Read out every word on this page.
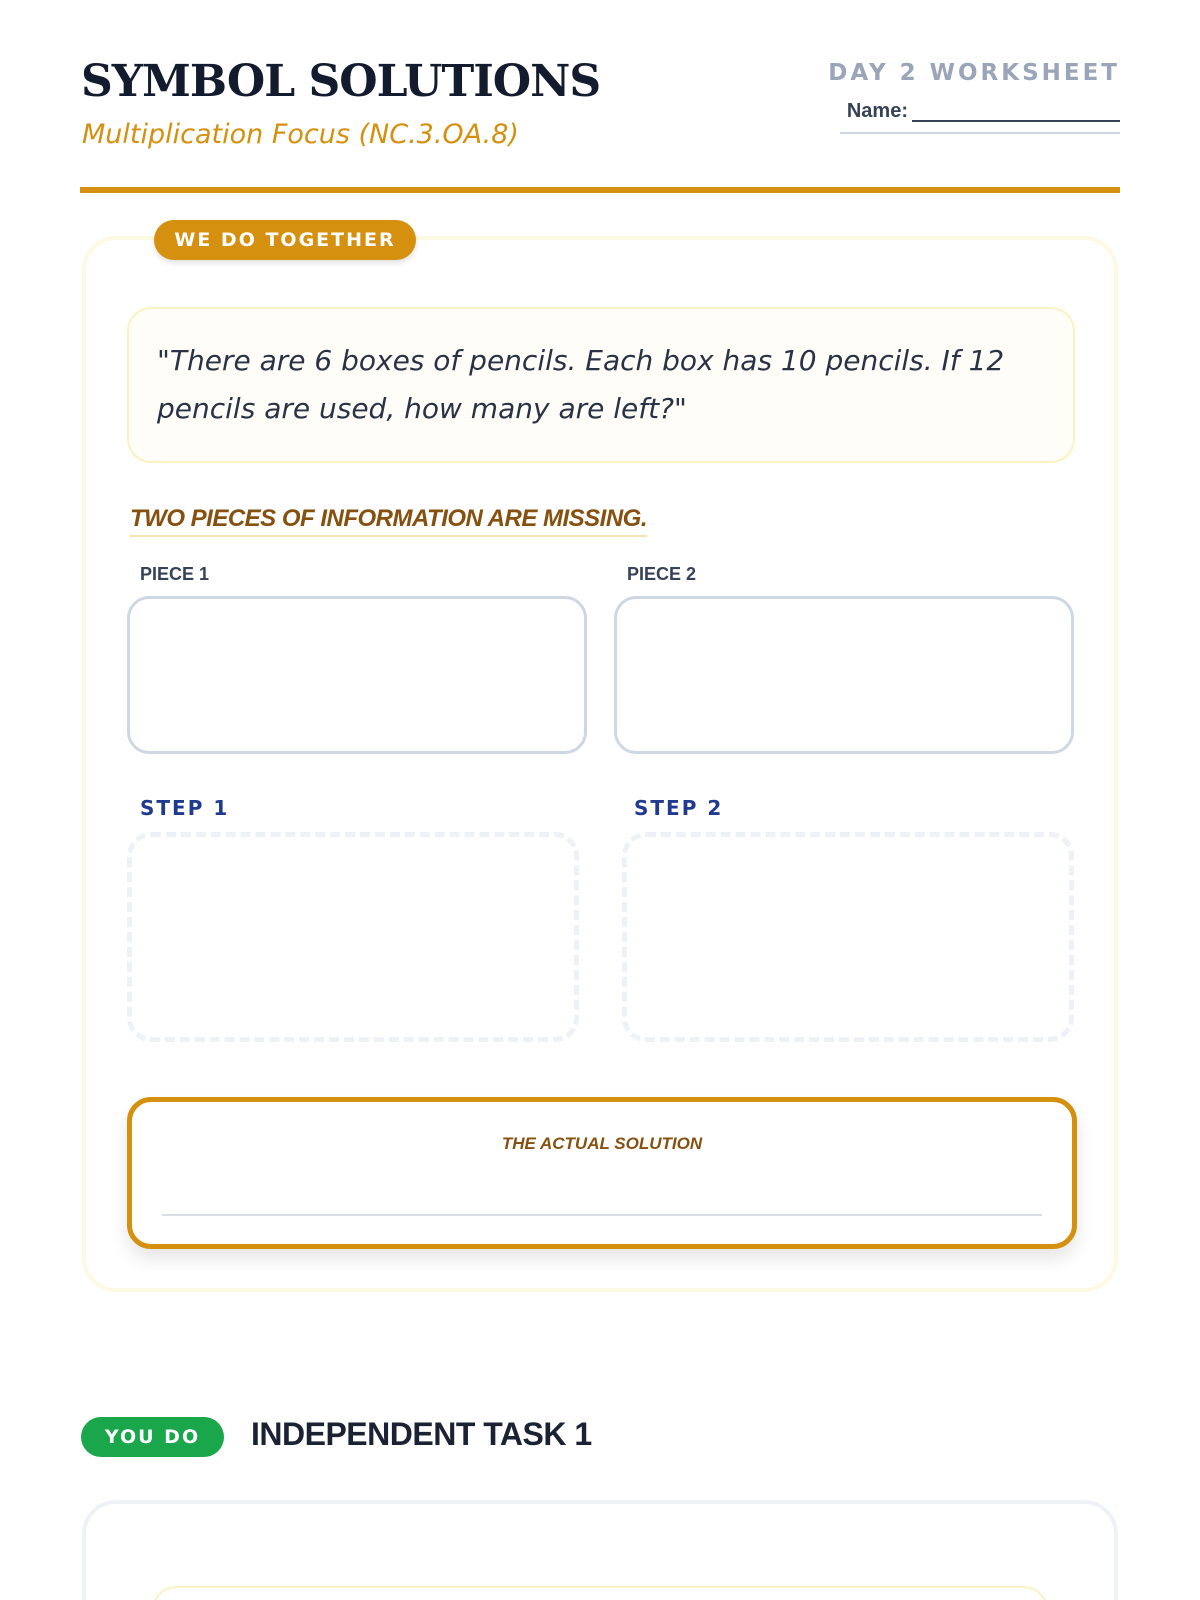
SYMBOL SOLUTIONS

Multiplication Focus (NC.3.OA.8)

DAY 2 WORKSHEET
Name:
WE DO TOGETHER
"There are 6 boxes of pencils. Each box has 10 pencils. If 12 pencils are used, how many are left?"
TWO PIECES OF INFORMATION ARE MISSING.
PIECE 1	PIECE 2
STEP 1	STEP 2
THE ACTUAL SOLUTION
YOU DO	INDEPENDENT TASK 1
